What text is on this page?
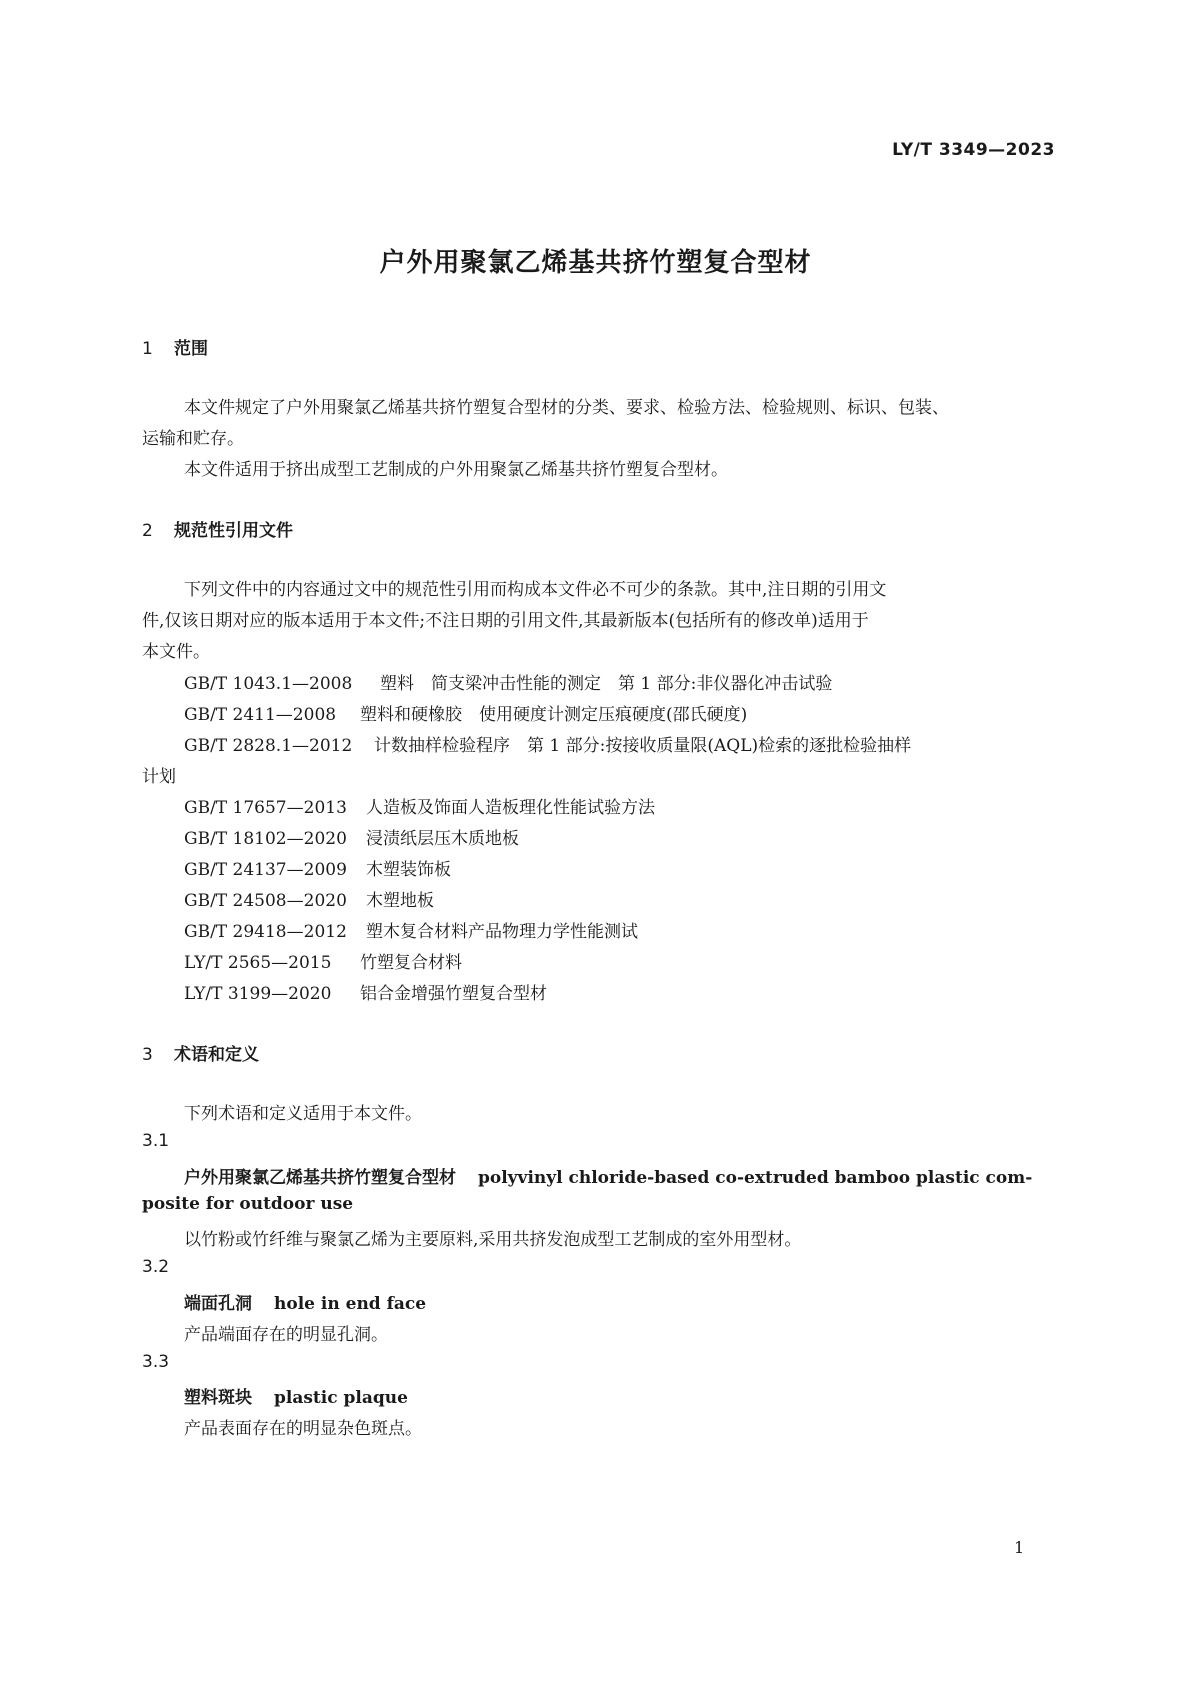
LY/T 3349—2023
户外用聚氯乙烯基共挤竹塑复合型材
1 范围
本文件规定了户外用聚氯乙烯基共挤竹塑复合型材的分类、要求、检验方法、检验规则、标识、包装、
运输和贮存。
本文件适用于挤出成型工艺制成的户外用聚氯乙烯基共挤竹塑复合型材。
2 规范性引用文件
下列文件中的内容通过文中的规范性引用而构成本文件必不可少的条款。其中,注日期的引用文
件,仅该日期对应的版本适用于本文件;不注日期的引用文件,其最新版本(包括所有的修改单)适用于
本文件。
GB/T 1043.1—2008 塑料　简支梁冲击性能的测定　第 1 部分:非仪器化冲击试验
GB/T 2411—2008 塑料和硬橡胶　使用硬度计测定压痕硬度(邵氏硬度)
GB/T 2828.1—2012 计数抽样检验程序　第 1 部分:按接收质量限(AQL)检索的逐批检验抽样
计划
GB/T 17657—2013 人造板及饰面人造板理化性能试验方法
GB/T 18102—2020 浸渍纸层压木质地板
GB/T 24137—2009 木塑装饰板
GB/T 24508—2020 木塑地板
GB/T 29418—2012 塑木复合材料产品物理力学性能测试
LY/T 2565—2015 竹塑复合材料
LY/T 3199—2020 铝合金增强竹塑复合型材
3 术语和定义
下列术语和定义适用于本文件。
3.1
户外用聚氯乙烯基共挤竹塑复合型材 polyvinyl chloride-based co-extruded bamboo plastic com-
posite for outdoor use
以竹粉或竹纤维与聚氯乙烯为主要原料,采用共挤发泡成型工艺制成的室外用型材。
3.2
端面孔洞 hole in end face
产品端面存在的明显孔洞。
3.3
塑料斑块 plastic plaque
产品表面存在的明显杂色斑点。
1
